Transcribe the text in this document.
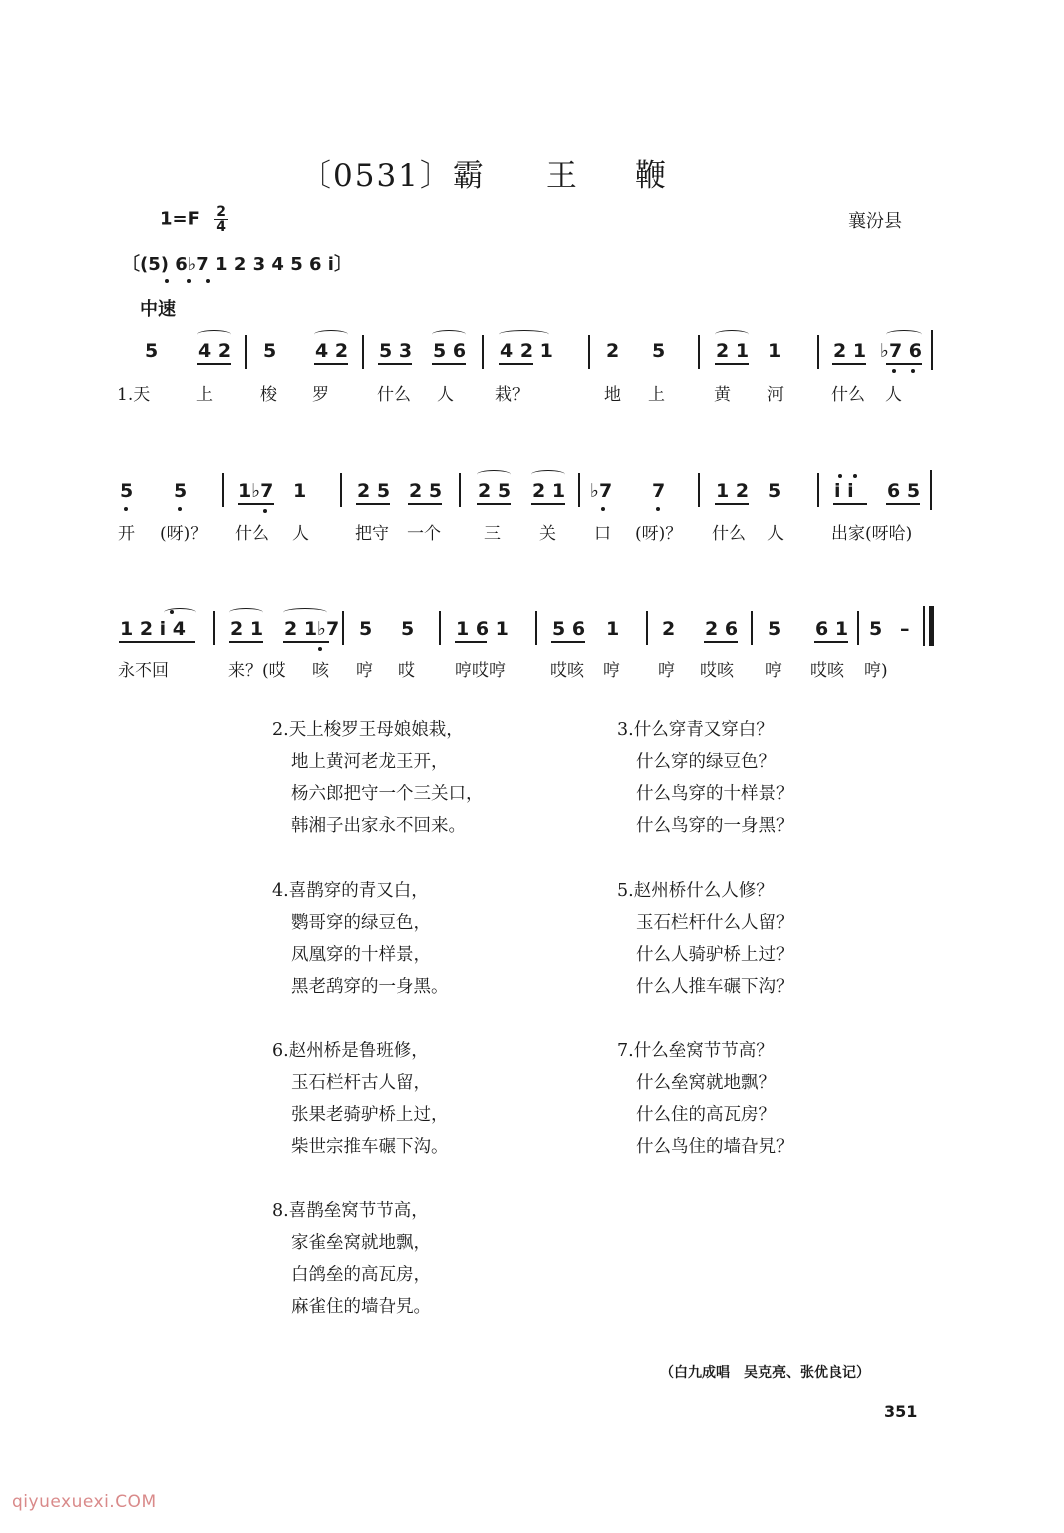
〔0531〕霸 王 鞭
$1=F \frac{2}{4}$	襄汾县
〔(5) 6♭7 1 2 3 4 5 6 i〕
中速
5 4 2 5 4 2 5 3 5 6 4 2 1	2 5	2 1 1	2 1 ♭7 6
1.天	上	梭 罗	什么 人 栽？	地 上	黄 河	什么 人
5 5	1♭7 1	2 5 2 5 2 5 2 1 ♭7 7	1 2 5	i i 6 5
开 (呀)？ 什么 人	把守 一个	三 关 口 (呀)？ 什么 人	出家(呀哈)
1 2 i 4 2 1 2 1♭7 5 5 1 6 1 5 6 1 2 2 6 5 6 1 5 –
永不回	来？(哎 咳 哼 哎 哼哎哼	哎咳 哼 哼 哎咳 哼 哎咳 哼)
2.天上梭罗王母娘娘栽，
地上黄河老龙王开，
杨六郎把守一个三关口，
韩湘子出家永不回来。
3.什么穿青又穿白？
什么穿的绿豆色？
什么鸟穿的十样景？
什么鸟穿的一身黑？
4.喜鹊穿的青又白，
鹦哥穿的绿豆色，
凤凰穿的十样景，
黑老鸹穿的一身黑。
5.赵州桥什么人修？
玉石栏杆什么人留？
什么人骑驴桥上过？
什么人推车碾下沟？
6.赵州桥是鲁班修，
玉石栏杆古人留，
张果老骑驴桥上过，
柴世宗推车碾下沟。
7.什么垒窝节节高？
什么垒窝就地飘？
什么住的高瓦房？
什么鸟住的墙旮旯？
8.喜鹊垒窝节节高，
家雀垒窝就地飘，
白鸽垒的高瓦房，
麻雀住的墙旮旯。
（白九成唱　吴克亮、张优良记）
351
qiyuexuexi.COM
